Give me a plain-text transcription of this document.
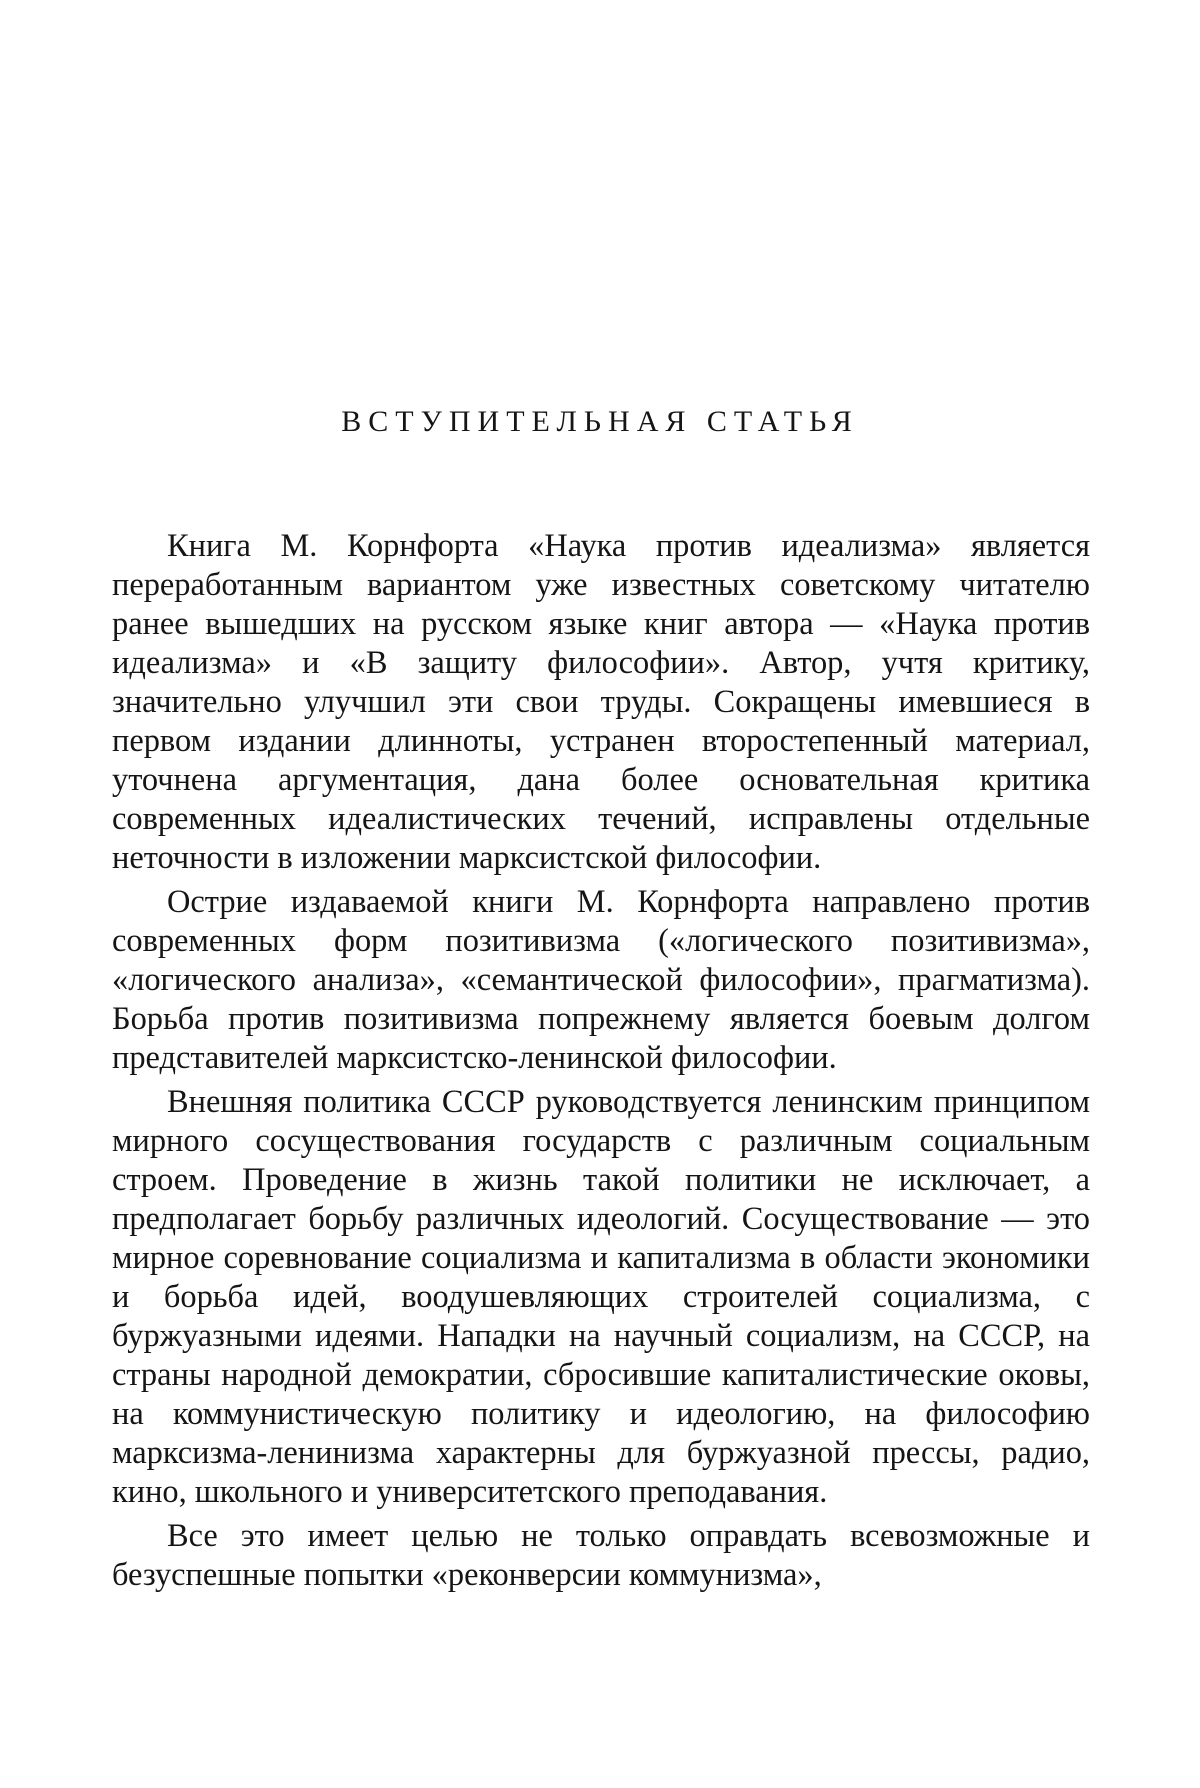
ВСТУПИТЕЛЬНАЯ СТАТЬЯ

Книга М. Корнфорта «Наука против идеализма» является переработанным вариантом уже известных советскому читателю ранее вышедших на русском языке книг автора — «Наука против идеализма» и «В защиту философии». Автор, учтя критику, значительно улучшил эти свои труды. Сокращены имевшиеся в первом издании длинноты, устранен второстепенный материал, уточнена аргументация, дана более основательная критика современных идеалистических течений, исправлены отдельные неточности в изложении марксистской философии.

Острие издаваемой книги М. Корнфорта направлено против современных форм позитивизма («логического позитивизма», «логического анализа», «семантической философии», прагматизма). Борьба против позитивизма попрежнему является боевым долгом представителей марксистско-ленинской философии.

Внешняя политика СССР руководствуется ленинским принципом мирного сосуществования государств с различным социальным строем. Проведение в жизнь такой политики не исключает, а предполагает борьбу различных идеологий. Сосуществование — это мирное соревнование социализма и капитализма в области экономики и борьба идей, воодушевляющих строителей социализма, с буржуазными идеями. Нападки на научный социализм, на СССР, на страны народной демократии, сбросившие капиталистические оковы, на коммунистическую политику и идеологию, на философию марксизма-ленинизма характерны для буржуазной прессы, радио, кино, школьного и университетского преподавания.

Все это имеет целью не только оправдать всевозможные и безуспешные попытки «реконверсии коммунизма»,
